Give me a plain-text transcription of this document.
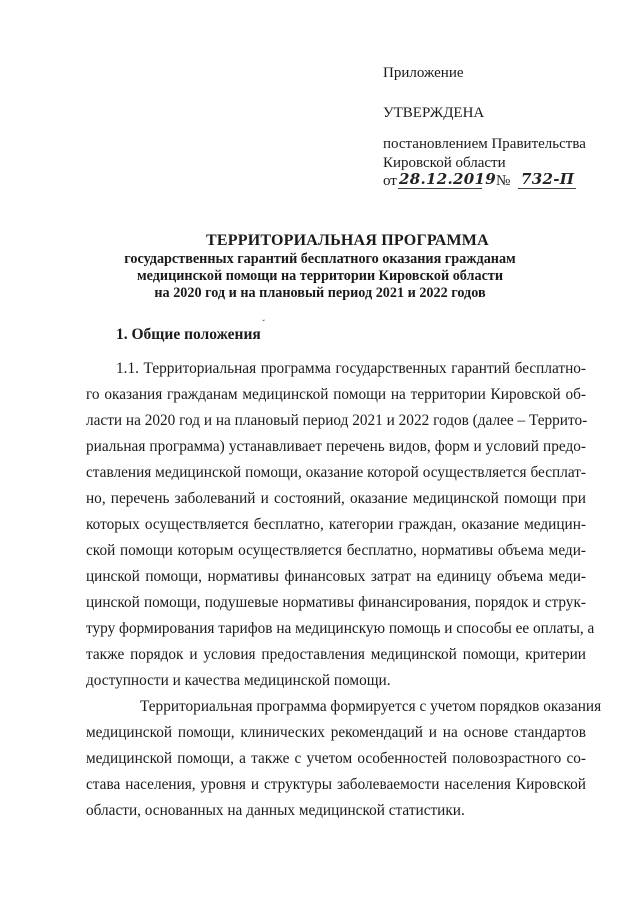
Приложение
УТВЕРЖДЕНА
постановлением Правительства
Кировской области
от 28.12.2019 № 732-П
ТЕРРИТОРИАЛЬНАЯ ПРОГРАММА
государственных гарантий бесплатного оказания гражданам
медицинской помощи на территории Кировской области
на 2020 год и на плановый период 2021 и 2022 годов
1. Общие положения
ˇ
1.1. Территориальная программа государственных гарантий бесплатно-
го оказания гражданам медицинской помощи на территории Кировской об-
ласти на 2020 год и на плановый период 2021 и 2022 годов (далее – Террито-
риальная программа) устанавливает перечень видов, форм и условий предо-
ставления медицинской помощи, оказание которой осуществляется бесплат-
но, перечень заболеваний и состояний, оказание медицинской помощи при
которых осуществляется бесплатно, категории граждан, оказание медицин-
ской помощи которым осуществляется бесплатно, нормативы объема меди-
цинской помощи, нормативы финансовых затрат на единицу объема меди-
цинской помощи, подушевые нормативы финансирования, порядок и струк-
туру формирования тарифов на медицинскую помощь и способы ее оплаты, а
также порядок и условия предоставления медицинской помощи, критерии
доступности и качества медицинской помощи.
Территориальная программа формируется с учетом порядков оказания
медицинской помощи, клинических рекомендаций и на основе стандартов
медицинской помощи, а также с учетом особенностей половозрастного со-
става населения, уровня и структуры заболеваемости населения Кировской
области, основанных на данных медицинской статистики.
